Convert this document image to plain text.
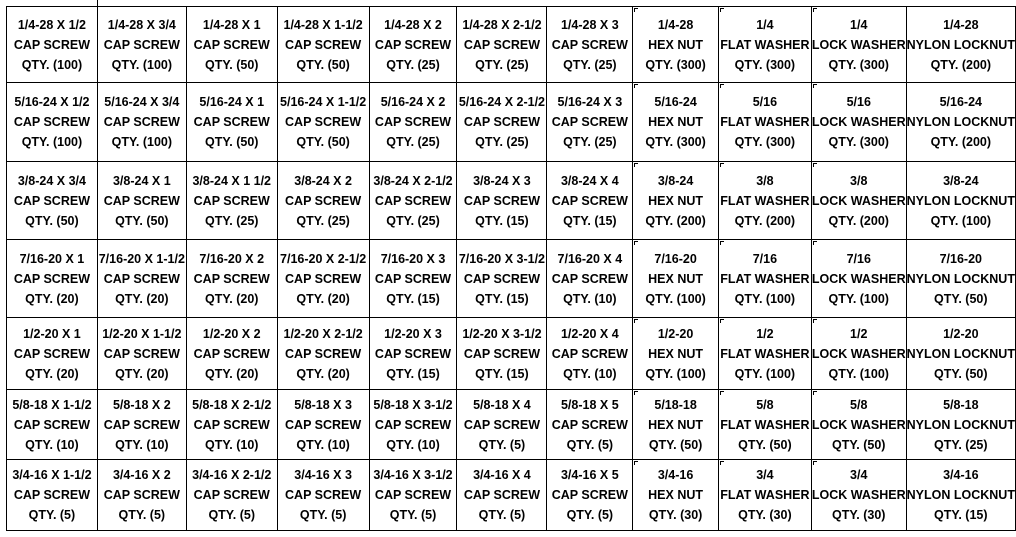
1/4-28 X 1/2
CAP SCREW
QTY. (100)	1/4-28 X 3/4
CAP SCREW
QTY. (100)	1/4-28 X 1
CAP SCREW
QTY. (50)	1/4-28 X 1-1/2
CAP SCREW
QTY. (50)	1/4-28 X 2
CAP SCREW
QTY. (25)	1/4-28 X 2-1/2
CAP SCREW
QTY. (25)	1/4-28 X 3
CAP SCREW
QTY. (25)	1/4-28
HEX NUT
QTY. (300)	1/4
FLAT WASHER
QTY. (300)	1/4
LOCK WASHER
QTY. (300)	1/4-28
NYLON LOCKNUT
QTY. (200)

5/16-24 X 1/2
CAP SCREW
QTY. (100)	5/16-24 X 3/4
CAP SCREW
QTY. (100)	5/16-24 X 1
CAP SCREW
QTY. (50)	5/16-24 X 1-1/2
CAP SCREW
QTY. (50)	5/16-24 X 2
CAP SCREW
QTY. (25)	5/16-24 X 2-1/2
CAP SCREW
QTY. (25)	5/16-24 X 3
CAP SCREW
QTY. (25)	5/16-24
HEX NUT
QTY. (300)	5/16
FLAT WASHER
QTY. (300)	5/16
LOCK WASHER
QTY. (300)	5/16-24
NYLON LOCKNUT
QTY. (200)

3/8-24 X 3/4
CAP SCREW
QTY. (50)	3/8-24 X 1
CAP SCREW
QTY. (50)	3/8-24 X 1 1/2
CAP SCREW
QTY. (25)	3/8-24 X 2
CAP SCREW
QTY. (25)	3/8-24 X 2-1/2
CAP SCREW
QTY. (25)	3/8-24 X 3
CAP SCREW
QTY. (15)	3/8-24 X 4
CAP SCREW
QTY. (15)	3/8-24
HEX NUT
QTY. (200)	3/8
FLAT WASHER
QTY. (200)	3/8
LOCK WASHER
QTY. (200)	3/8-24
NYLON LOCKNUT
QTY. (100)

7/16-20 X 1
CAP SCREW
QTY. (20)	7/16-20 X 1-1/2
CAP SCREW
QTY. (20)	7/16-20 X 2
CAP SCREW
QTY. (20)	7/16-20 X 2-1/2
CAP SCREW
QTY. (20)	7/16-20 X 3
CAP SCREW
QTY. (15)	7/16-20 X 3-1/2
CAP SCREW
QTY. (15)	7/16-20 X 4
CAP SCREW
QTY. (10)	7/16-20
HEX NUT
QTY. (100)	7/16
FLAT WASHER
QTY. (100)	7/16
LOCK WASHER
QTY. (100)	7/16-20
NYLON LOCKNUT
QTY. (50)

1/2-20 X 1
CAP SCREW
QTY. (20)	1/2-20 X 1-1/2
CAP SCREW
QTY. (20)	1/2-20 X 2
CAP SCREW
QTY. (20)	1/2-20 X 2-1/2
CAP SCREW
QTY. (20)	1/2-20 X 3
CAP SCREW
QTY. (15)	1/2-20 X 3-1/2
CAP SCREW
QTY. (15)	1/2-20 X 4
CAP SCREW
QTY. (10)	1/2-20
HEX NUT
QTY. (100)	1/2
FLAT WASHER
QTY. (100)	1/2
LOCK WASHER
QTY. (100)	1/2-20
NYLON LOCKNUT
QTY. (50)

5/8-18 X 1-1/2
CAP SCREW
QTY. (10)	5/8-18 X 2
CAP SCREW
QTY. (10)	5/8-18 X 2-1/2
CAP SCREW
QTY. (10)	5/8-18 X 3
CAP SCREW
QTY. (10)	5/8-18 X 3-1/2
CAP SCREW
QTY. (10)	5/8-18 X 4
CAP SCREW
QTY. (5)	5/8-18 X 5
CAP SCREW
QTY. (5)	5/18-18
HEX NUT
QTY. (50)	5/8
FLAT WASHER
QTY. (50)	5/8
LOCK WASHER
QTY. (50)	5/8-18
NYLON LOCKNUT
QTY. (25)

3/4-16 X 1-1/2
CAP SCREW
QTY. (5)	3/4-16 X 2
CAP SCREW
QTY. (5)	3/4-16 X 2-1/2
CAP SCREW
QTY. (5)	3/4-16 X 3
CAP SCREW
QTY. (5)	3/4-16 X 3-1/2
CAP SCREW
QTY. (5)	3/4-16 X 4
CAP SCREW
QTY. (5)	3/4-16 X 5
CAP SCREW
QTY. (5)	3/4-16
HEX NUT
QTY. (30)	3/4
FLAT WASHER
QTY. (30)	3/4
LOCK WASHER
QTY. (30)	3/4-16
NYLON LOCKNUT
QTY. (15)
